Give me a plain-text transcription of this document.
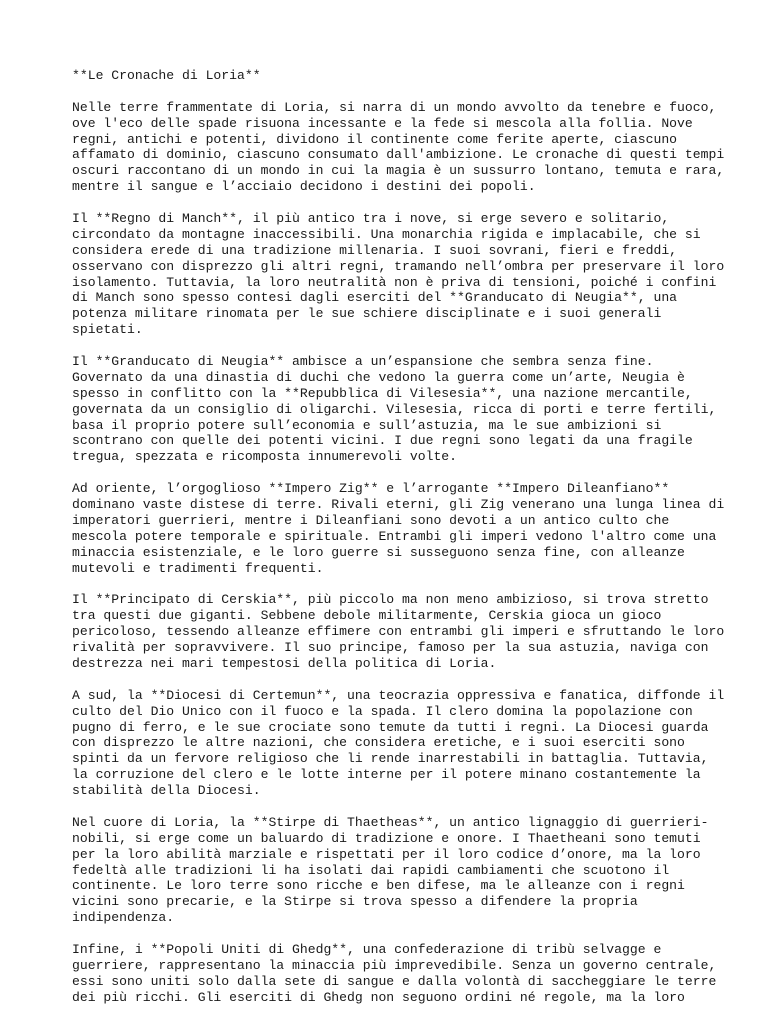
**Le Cronache di Loria**
Nelle terre frammentate di Loria, si narra di un mondo avvolto da tenebre e fuoco,
ove l'eco delle spade risuona incessante e la fede si mescola alla follia. Nove
regni, antichi e potenti, dividono il continente come ferite aperte, ciascuno
affamato di dominio, ciascuno consumato dall'ambizione. Le cronache di questi tempi
oscuri raccontano di un mondo in cui la magia è un sussurro lontano, temuta e rara,
mentre il sangue e l’acciaio decidono i destini dei popoli.
Il **Regno di Manch**, il più antico tra i nove, si erge severo e solitario,
circondato da montagne inaccessibili. Una monarchia rigida e implacabile, che si
considera erede di una tradizione millenaria. I suoi sovrani, fieri e freddi,
osservano con disprezzo gli altri regni, tramando nell’ombra per preservare il loro
isolamento. Tuttavia, la loro neutralità non è priva di tensioni, poiché i confini
di Manch sono spesso contesi dagli eserciti del **Granducato di Neugia**, una
potenza militare rinomata per le sue schiere disciplinate e i suoi generali
spietati.
Il **Granducato di Neugia** ambisce a un’espansione che sembra senza fine.
Governato da una dinastia di duchi che vedono la guerra come un’arte, Neugia è
spesso in conflitto con la **Repubblica di Vilesesia**, una nazione mercantile,
governata da un consiglio di oligarchi. Vilesesia, ricca di porti e terre fertili,
basa il proprio potere sull’economia e sull’astuzia, ma le sue ambizioni si
scontrano con quelle dei potenti vicini. I due regni sono legati da una fragile
tregua, spezzata e ricomposta innumerevoli volte.
Ad oriente, l’orgoglioso **Impero Zig** e l’arrogante **Impero Dileanfiano**
dominano vaste distese di terre. Rivali eterni, gli Zig venerano una lunga linea di
imperatori guerrieri, mentre i Dileanfiani sono devoti a un antico culto che
mescola potere temporale e spirituale. Entrambi gli imperi vedono l'altro come una
minaccia esistenziale, e le loro guerre si susseguono senza fine, con alleanze
mutevoli e tradimenti frequenti.
Il **Principato di Cerskia**, più piccolo ma non meno ambizioso, si trova stretto
tra questi due giganti. Sebbene debole militarmente, Cerskia gioca un gioco
pericoloso, tessendo alleanze effimere con entrambi gli imperi e sfruttando le loro
rivalità per sopravvivere. Il suo principe, famoso per la sua astuzia, naviga con
destrezza nei mari tempestosi della politica di Loria.
A sud, la **Diocesi di Certemun**, una teocrazia oppressiva e fanatica, diffonde il
culto del Dio Unico con il fuoco e la spada. Il clero domina la popolazione con
pugno di ferro, e le sue crociate sono temute da tutti i regni. La Diocesi guarda
con disprezzo le altre nazioni, che considera eretiche, e i suoi eserciti sono
spinti da un fervore religioso che li rende inarrestabili in battaglia. Tuttavia,
la corruzione del clero e le lotte interne per il potere minano costantemente la
stabilità della Diocesi.
Nel cuore di Loria, la **Stirpe di Thaetheas**, un antico lignaggio di guerrieri-
nobili, si erge come un baluardo di tradizione e onore. I Thaetheani sono temuti
per la loro abilità marziale e rispettati per il loro codice d’onore, ma la loro
fedeltà alle tradizioni li ha isolati dai rapidi cambiamenti che scuotono il
continente. Le loro terre sono ricche e ben difese, ma le alleanze con i regni
vicini sono precarie, e la Stirpe si trova spesso a difendere la propria
indipendenza.
Infine, i **Popoli Uniti di Ghedg**, una confederazione di tribù selvagge e
guerriere, rappresentano la minaccia più imprevedibile. Senza un governo centrale,
essi sono uniti solo dalla sete di sangue e dalla volontà di saccheggiare le terre
dei più ricchi. Gli eserciti di Ghedg non seguono ordini né regole, ma la loro
